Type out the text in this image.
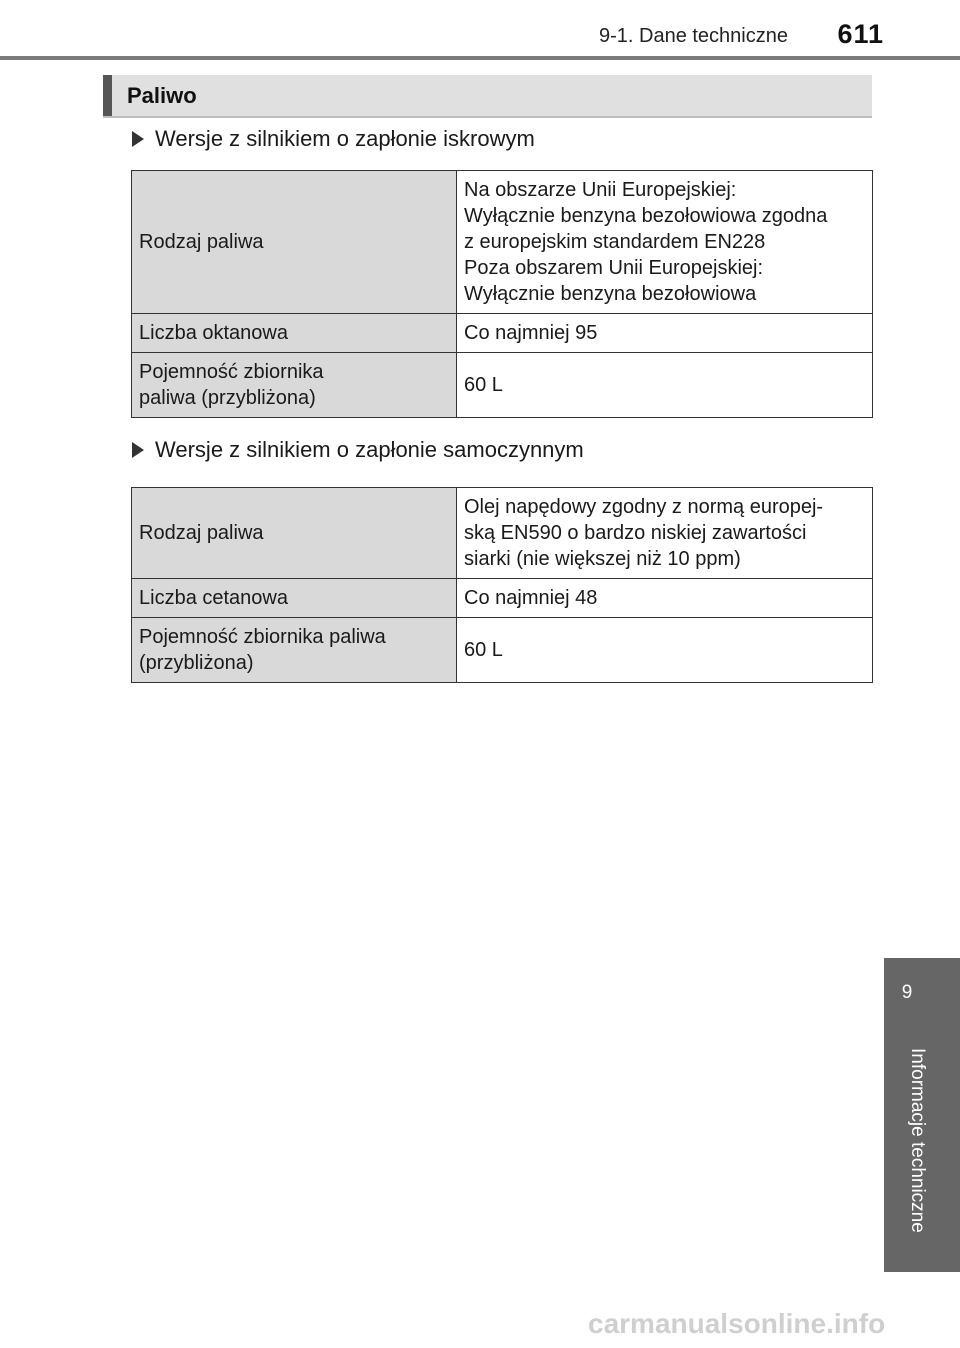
9-1. Dane techniczne 611
Paliwo
Wersje z silnikiem o zapłonie iskrowym
Rodzaj paliwa	Na obszarze Unii Europejskiej:
Wyłącznie benzyna bezołowiowa zgodna
z europejskim standardem EN228
Poza obszarem Unii Europejskiej:
Wyłącznie benzyna bezołowiowa

Liczba oktanowa	Co najmniej 95

Pojemność zbiornika
paliwa (przybliżona)	60 L
Wersje z silnikiem o zapłonie samoczynnym
Rodzaj paliwa	Olej napędowy zgodny z normą europej-
ską EN590 o bardzo niskiej zawartości
siarki (nie większej niż 10 ppm)

Liczba cetanowa	Co najmniej 48

Pojemność zbiornika paliwa
(przybliżona)	60 L
9
Informacje techniczne
carmanualsonline.info
